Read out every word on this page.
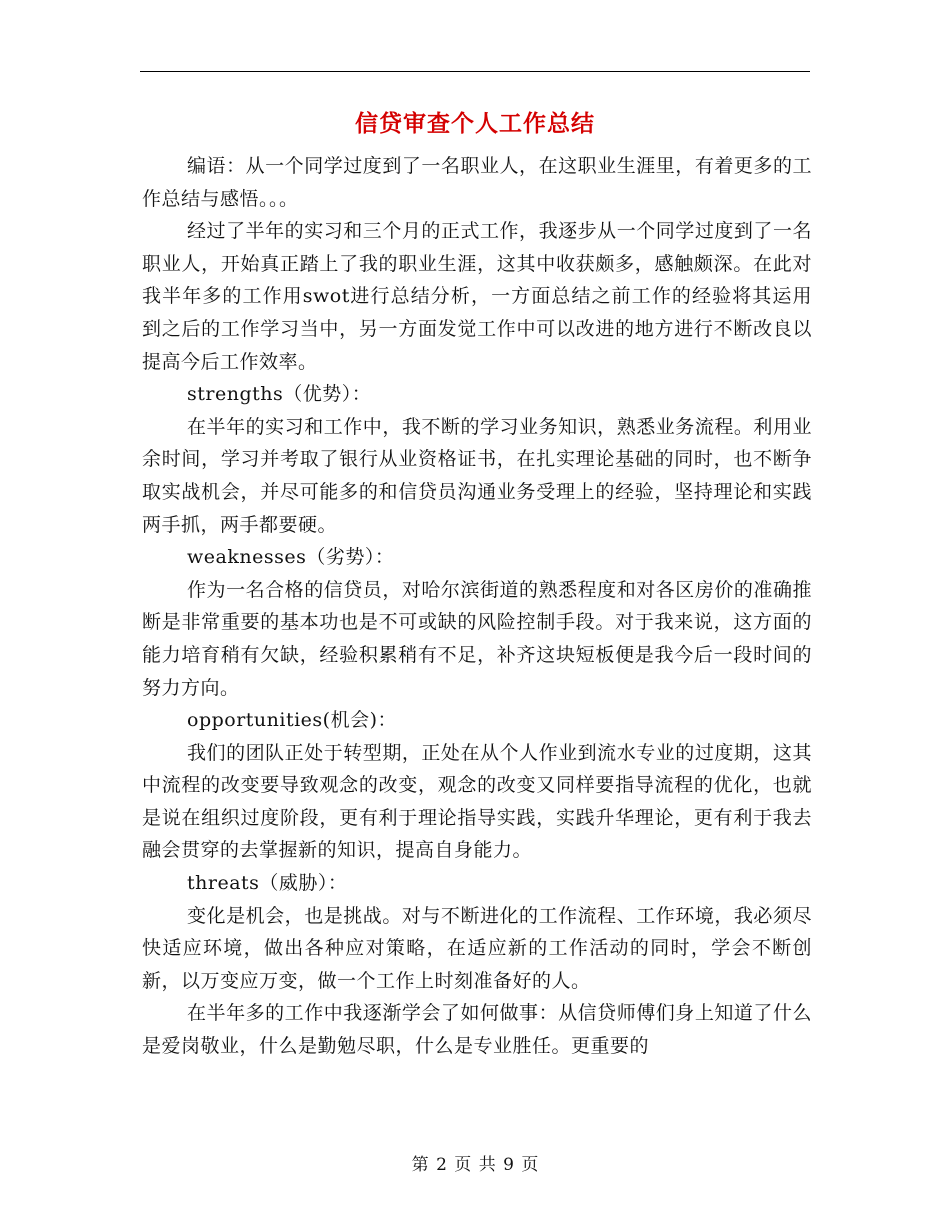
信贷审查个人工作总结

编语：从一个同学过度到了一名职业人，在这职业生涯里，有着更多的工作总结与感悟。。。

经过了半年的实习和三个月的正式工作，我逐步从一个同学过度到了一名职业人，开始真正踏上了我的职业生涯，这其中收获颇多，感触颇深。在此对我半年多的工作用swot进行总结分析，一方面总结之前工作的经验将其运用到之后的工作学习当中，另一方面发觉工作中可以改进的地方进行不断改良以提高今后工作效率。

strengths（优势）：

在半年的实习和工作中，我不断的学习业务知识，熟悉业务流程。利用业余时间，学习并考取了银行从业资格证书，在扎实理论基础的同时，也不断争取实战机会，并尽可能多的和信贷员沟通业务受理上的经验，坚持理论和实践两手抓，两手都要硬。

weaknesses（劣势）：

作为一名合格的信贷员，对哈尔滨街道的熟悉程度和对各区房价的准确推断是非常重要的基本功也是不可或缺的风险控制手段。对于我来说，这方面的能力培育稍有欠缺，经验积累稍有不足，补齐这块短板便是我今后一段时间的努力方向。

opportunities(机会)：

我们的团队正处于转型期，正处在从个人作业到流水专业的过度期，这其中流程的改变要导致观念的改变，观念的改变又同样要指导流程的优化，也就是说在组织过度阶段，更有利于理论指导实践，实践升华理论，更有利于我去融会贯穿的去掌握新的知识，提高自身能力。

threats（威胁）：

变化是机会，也是挑战。对与不断进化的工作流程、工作环境，我必须尽快适应环境，做出各种应对策略，在适应新的工作活动的同时，学会不断创新，以万变应万变，做一个工作上时刻准备好的人。

在半年多的工作中我逐渐学会了如何做事：从信贷师傅们身上知道了什么是爱岗敬业，什么是勤勉尽职，什么是专业胜任。更重要的

第 2 页 共 9 页
